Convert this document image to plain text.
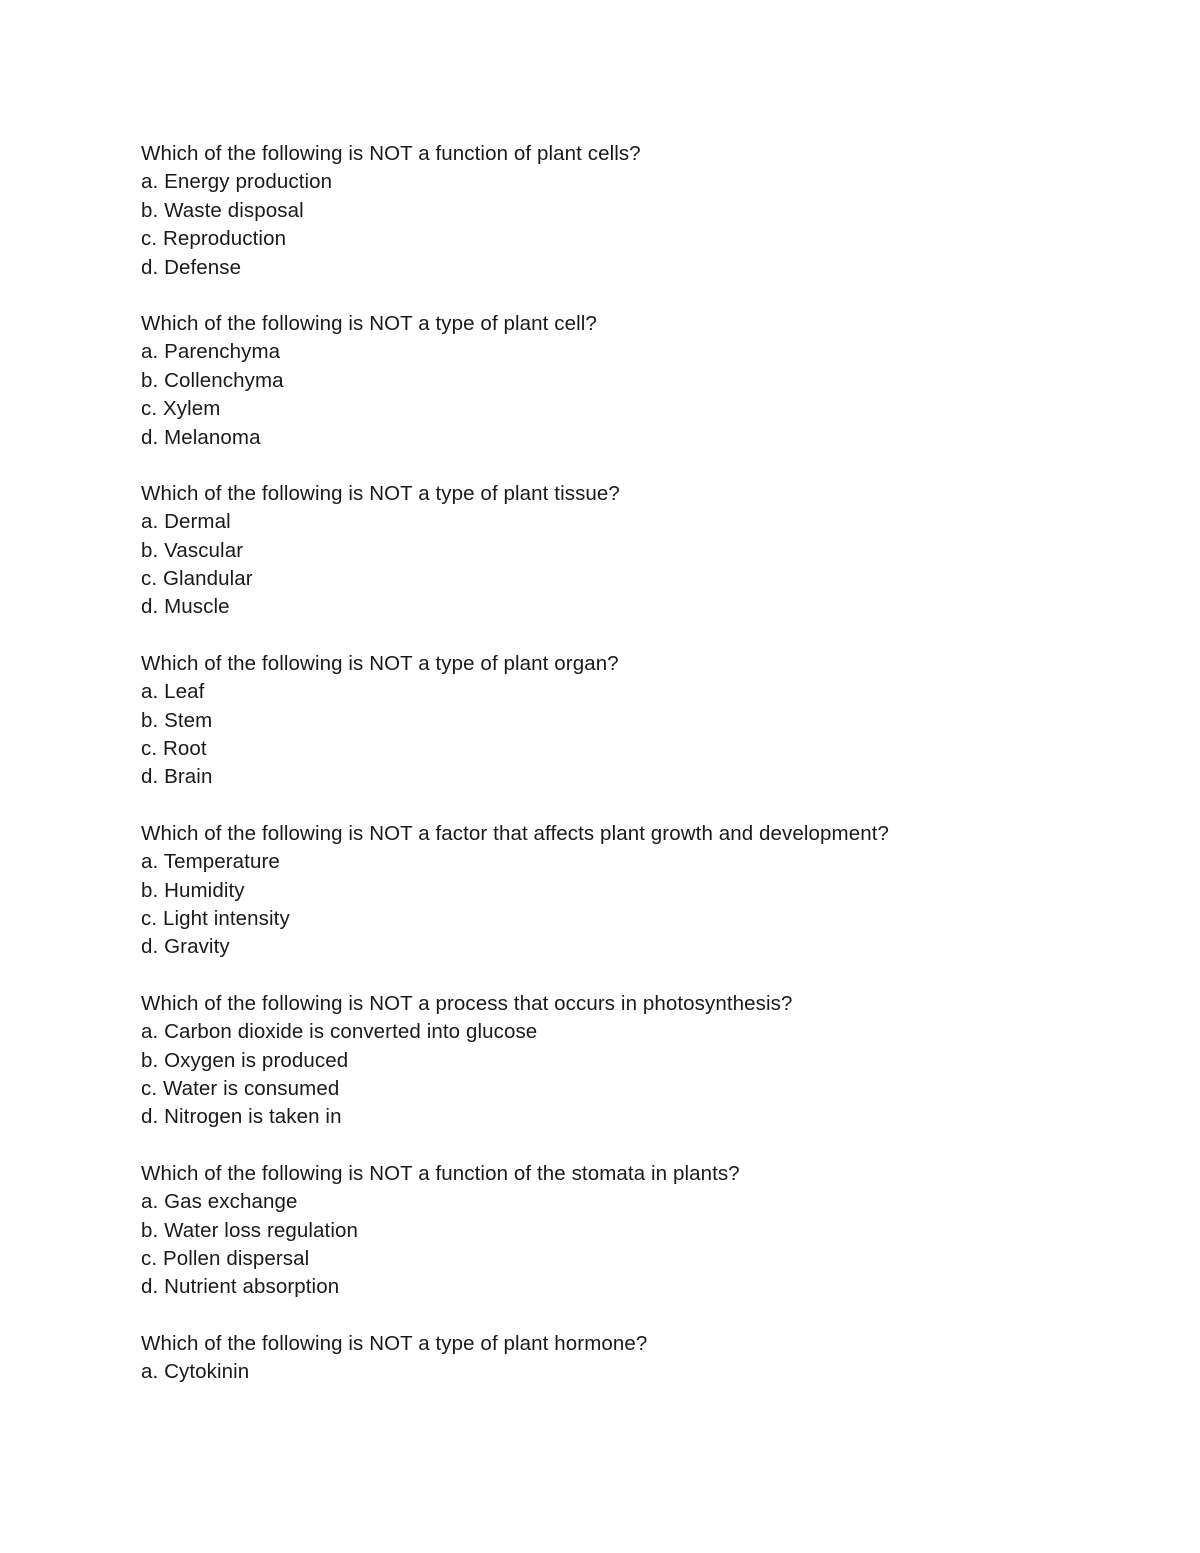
Which of the following is NOT a function of plant cells?
a. Energy production
b. Waste disposal
c. Reproduction
d. Defense
Which of the following is NOT a type of plant cell?
a. Parenchyma
b. Collenchyma
c. Xylem
d. Melanoma
Which of the following is NOT a type of plant tissue?
a. Dermal
b. Vascular
c. Glandular
d. Muscle
Which of the following is NOT a type of plant organ?
a. Leaf
b. Stem
c. Root
d. Brain
Which of the following is NOT a factor that affects plant growth and development?
a. Temperature
b. Humidity
c. Light intensity
d. Gravity
Which of the following is NOT a process that occurs in photosynthesis?
a. Carbon dioxide is converted into glucose
b. Oxygen is produced
c. Water is consumed
d. Nitrogen is taken in
Which of the following is NOT a function of the stomata in plants?
a. Gas exchange
b. Water loss regulation
c. Pollen dispersal
d. Nutrient absorption
Which of the following is NOT a type of plant hormone?
a. Cytokinin
